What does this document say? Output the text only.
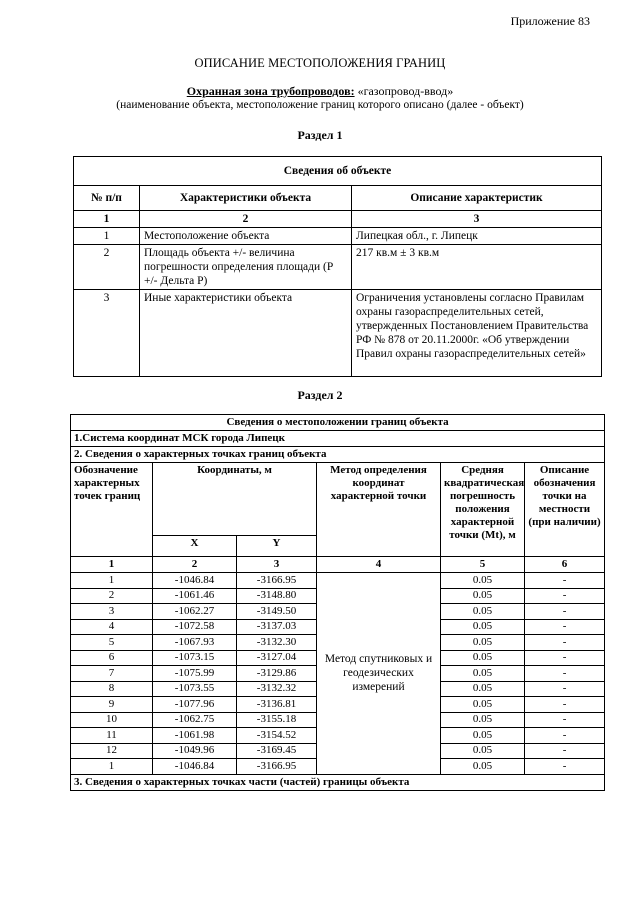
Приложение 83
ОПИСАНИЕ МЕСТОПОЛОЖЕНИЯ ГРАНИЦ
Охранная зона трубопроводов: «газопровод-ввод»
(наименование объекта, местоположение границ которого описано (далее - объект)
Раздел 1
Сведения об объекте		
№ п/п	Характеристики объекта	Описание характеристик
1	2	3
1	Местоположение объекта	Липецкая обл., г. Липецк
2	Площадь объекта +/- величина погрешности определения площади (Р +/- Дельта Р)	217 кв.м ± 3 кв.м
3	Иные характеристики объекта	Ограничения установлены согласно Правилам охраны газораспределительных сетей, утвержденных Постановлением Правительства РФ № 878 от 20.11.2000г. «Об утверждении Правил охраны газораспределительных сетей»
Раздел 2
Сведения о местоположении границ объекта					
1.Система координат МСК города Липецк					
2. Сведения о характерных точках границ объекта					
Обозначение характерных точек границ	Координаты, м		Метод определения координат характерной точки	Средняя квадратическая погрешность положения характерной точки (Mt), м	Описание обозначения точки на местности (при наличии)
	X	Y			
1	2	3	4	5	6
1	-1046.84	-3166.95	Метод спутниковых и геодезических измерений	0.05	-
2	-1061.46	-3148.80		0.05	-
3	-1062.27	-3149.50		0.05	-
4	-1072.58	-3137.03		0.05	-
5	-1067.93	-3132.30		0.05	-
6	-1073.15	-3127.04		0.05	-
7	-1075.99	-3129.86		0.05	-
8	-1073.55	-3132.32		0.05	-
9	-1077.96	-3136.81		0.05	-
10	-1062.75	-3155.18		0.05	-
11	-1061.98	-3154.52		0.05	-
12	-1049.96	-3169.45		0.05	-
1	-1046.84	-3166.95		0.05	-
3. Сведения о характерных точках части (частей) границы объекта					
